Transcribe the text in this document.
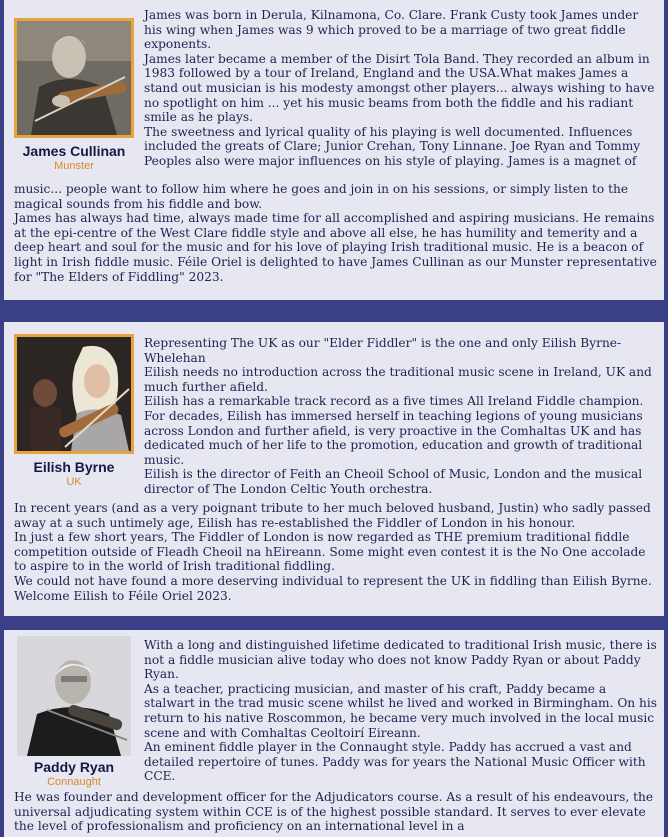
James Cullinan
Munster

James was born in Derula, Kilnamona, Co. Clare. Frank Custy took James under his wing when James was 9 which proved to be a marriage of two great fiddle exponents.

James later became a member of the Disirt Tola Band. They recorded an album in 1983 followed by a tour of Ireland, England and the USA.What makes James a stand out musician is his modesty amongst other players... always wishing to have no spotlight on him ... yet his music beams from both the fiddle and his radiant smile as he plays.

The sweetness and lyrical quality of his playing is well documented. Influences included the greats of Clare; Junior Crehan, Tony Linnane. Joe Ryan and Tommy Peoples also were major influences on his style of playing. James is a magnet of

music... people want to follow him where he goes and join in on his sessions, or simply listen to the magical sounds from his fiddle and bow.

James has always had time, always made time for all accomplished and aspiring musicians. He remains at the epi-centre of the West Clare fiddle style and above all else, he has humility and temerity and a deep heart and soul for the music and for his love of playing Irish traditional music. He is a beacon of light in Irish fiddle music. Féile Oriel is delighted to have James Cullinan as our Munster representative for "The Elders of Fiddling" 2023.

Eilish Byrne
UK

Representing The UK as our "Elder Fiddler" is the one and only Eilish Byrne-Whelehan

Eilish needs no introduction across the traditional music scene in Ireland, UK and much further afield.

Eilish has a remarkable track record as a five times All Ireland Fiddle champion. For decades, Eilish has immersed herself in teaching legions of young musicians across London and further afield, is very proactive in the Comhaltas UK and has dedicated much of her life to the promotion, education and growth of traditional music.

Eilish is the director of Feith an Cheoil School of Music, London and the musical director of The London Celtic Youth orchestra.

In recent years (and as a very poignant tribute to her much beloved husband, Justin) who sadly passed away at a such untimely age, Eilish has re-established the Fiddler of London in his honour.

In just a few short years, The Fiddler of London is now regarded as THE premium traditional fiddle competition outside of Fleadh Cheoil na hEireann. Some might even contest it is the No One accolade to aspire to in the world of Irish traditional fiddling.

We could not have found a more deserving individual to represent the UK in fiddling than Eilish Byrne. Welcome Eilish to Féile Oriel 2023.

Paddy Ryan
Connaught

With a long and distinguished lifetime dedicated to traditional Irish music, there is not a fiddle musician alive today who does not know Paddy Ryan or about Paddy Ryan.

As a teacher, practicing musician, and master of his craft, Paddy became a stalwart in the trad music scene whilst he lived and worked in Birmingham. On his return to his native Roscommon, he became very much involved in the local music scene and with Comhaltas Ceoltoirí Eireann.

An eminent fiddle player in the Connaught style. Paddy has accrued a vast and detailed repertoire of tunes. Paddy was for years the National Music Officer with CCE.

He was founder and development officer for the Adjudicators course. As a result of his endeavours, the universal adjudicating system within CCE is of the highest possible standard. It serves to ever elevate the level of professionalism and proficiency on an international level in a
